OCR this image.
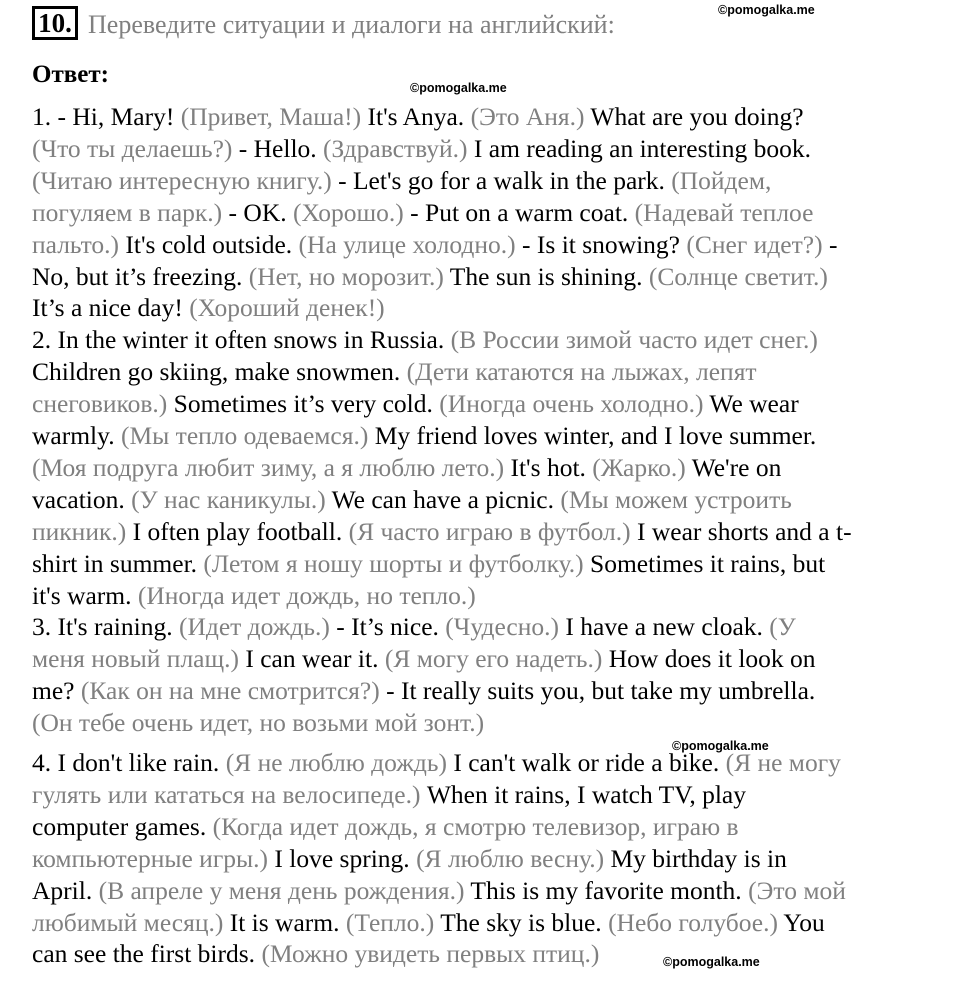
10. Переведите ситуации и диалоги на английский:	©pomogalka.me
Ответ:	©pomogalka.me
1. - Hi, Mary! (Привет, Маша!) It's Anya. (Это Аня.) What are you doing?
(Что ты делаешь?) - Hello. (Здравствуй.) I am reading an interesting book.
(Читаю интересную книгу.) - Let's go for a walk in the park. (Пойдем,
погуляем в парк.) - OK. (Хорошо.) - Put on a warm coat. (Надевай теплое
пальто.) It's cold outside. (На улице холодно.) - Is it snowing? (Снег идет?) -
No, but it’s freezing. (Нет, но морозит.) The sun is shining. (Солнце светит.)
It’s a nice day! (Хороший денек!)
2. In the winter it often snows in Russia. (В России зимой часто идет снег.)
Children go skiing, make snowmen. (Дети катаются на лыжах, лепят
снеговиков.) Sometimes it’s very cold. (Иногда очень холодно.) We wear
warmly. (Мы тепло одеваемся.) My friend loves winter, and I love summer.
(Моя подруга любит зиму, а я люблю лето.) It's hot. (Жарко.) We're on
vacation. (У нас каникулы.) We can have a picnic. (Мы можем устроить
пикник.) I often play football. (Я часто играю в футбол.) I wear shorts and a t-
shirt in summer. (Летом я ношу шорты и футболку.) Sometimes it rains, but
it's warm. (Иногда идет дождь, но тепло.)
3. It's raining. (Идет дождь.) - It’s nice. (Чудесно.) I have a new cloak. (У
меня новый плащ.) I can wear it. (Я могу его надеть.) How does it look on
me? (Как он на мне смотрится?) - It really suits you, but take my umbrella.
(Он тебе очень идет, но возьми мой зонт.)
4. I don't like rain. (Я не люблю дождь) I can't walk or ride a bike. (Я не могу
гулять или кататься на велосипеде.) When it rains, I watch TV, play
computer games. (Когда идет дождь, я смотрю телевизор, играю в
компьютерные игры.) I love spring. (Я люблю весну.) My birthday is in
April. (В апреле у меня день рождения.) This is my favorite month. (Это мой
любимый месяц.) It is warm. (Тепло.) The sky is blue. (Небо голубое.) You
can see the first birds. (Можно увидеть первых птиц.)
©pomogalka.me
©pomogalka.me
